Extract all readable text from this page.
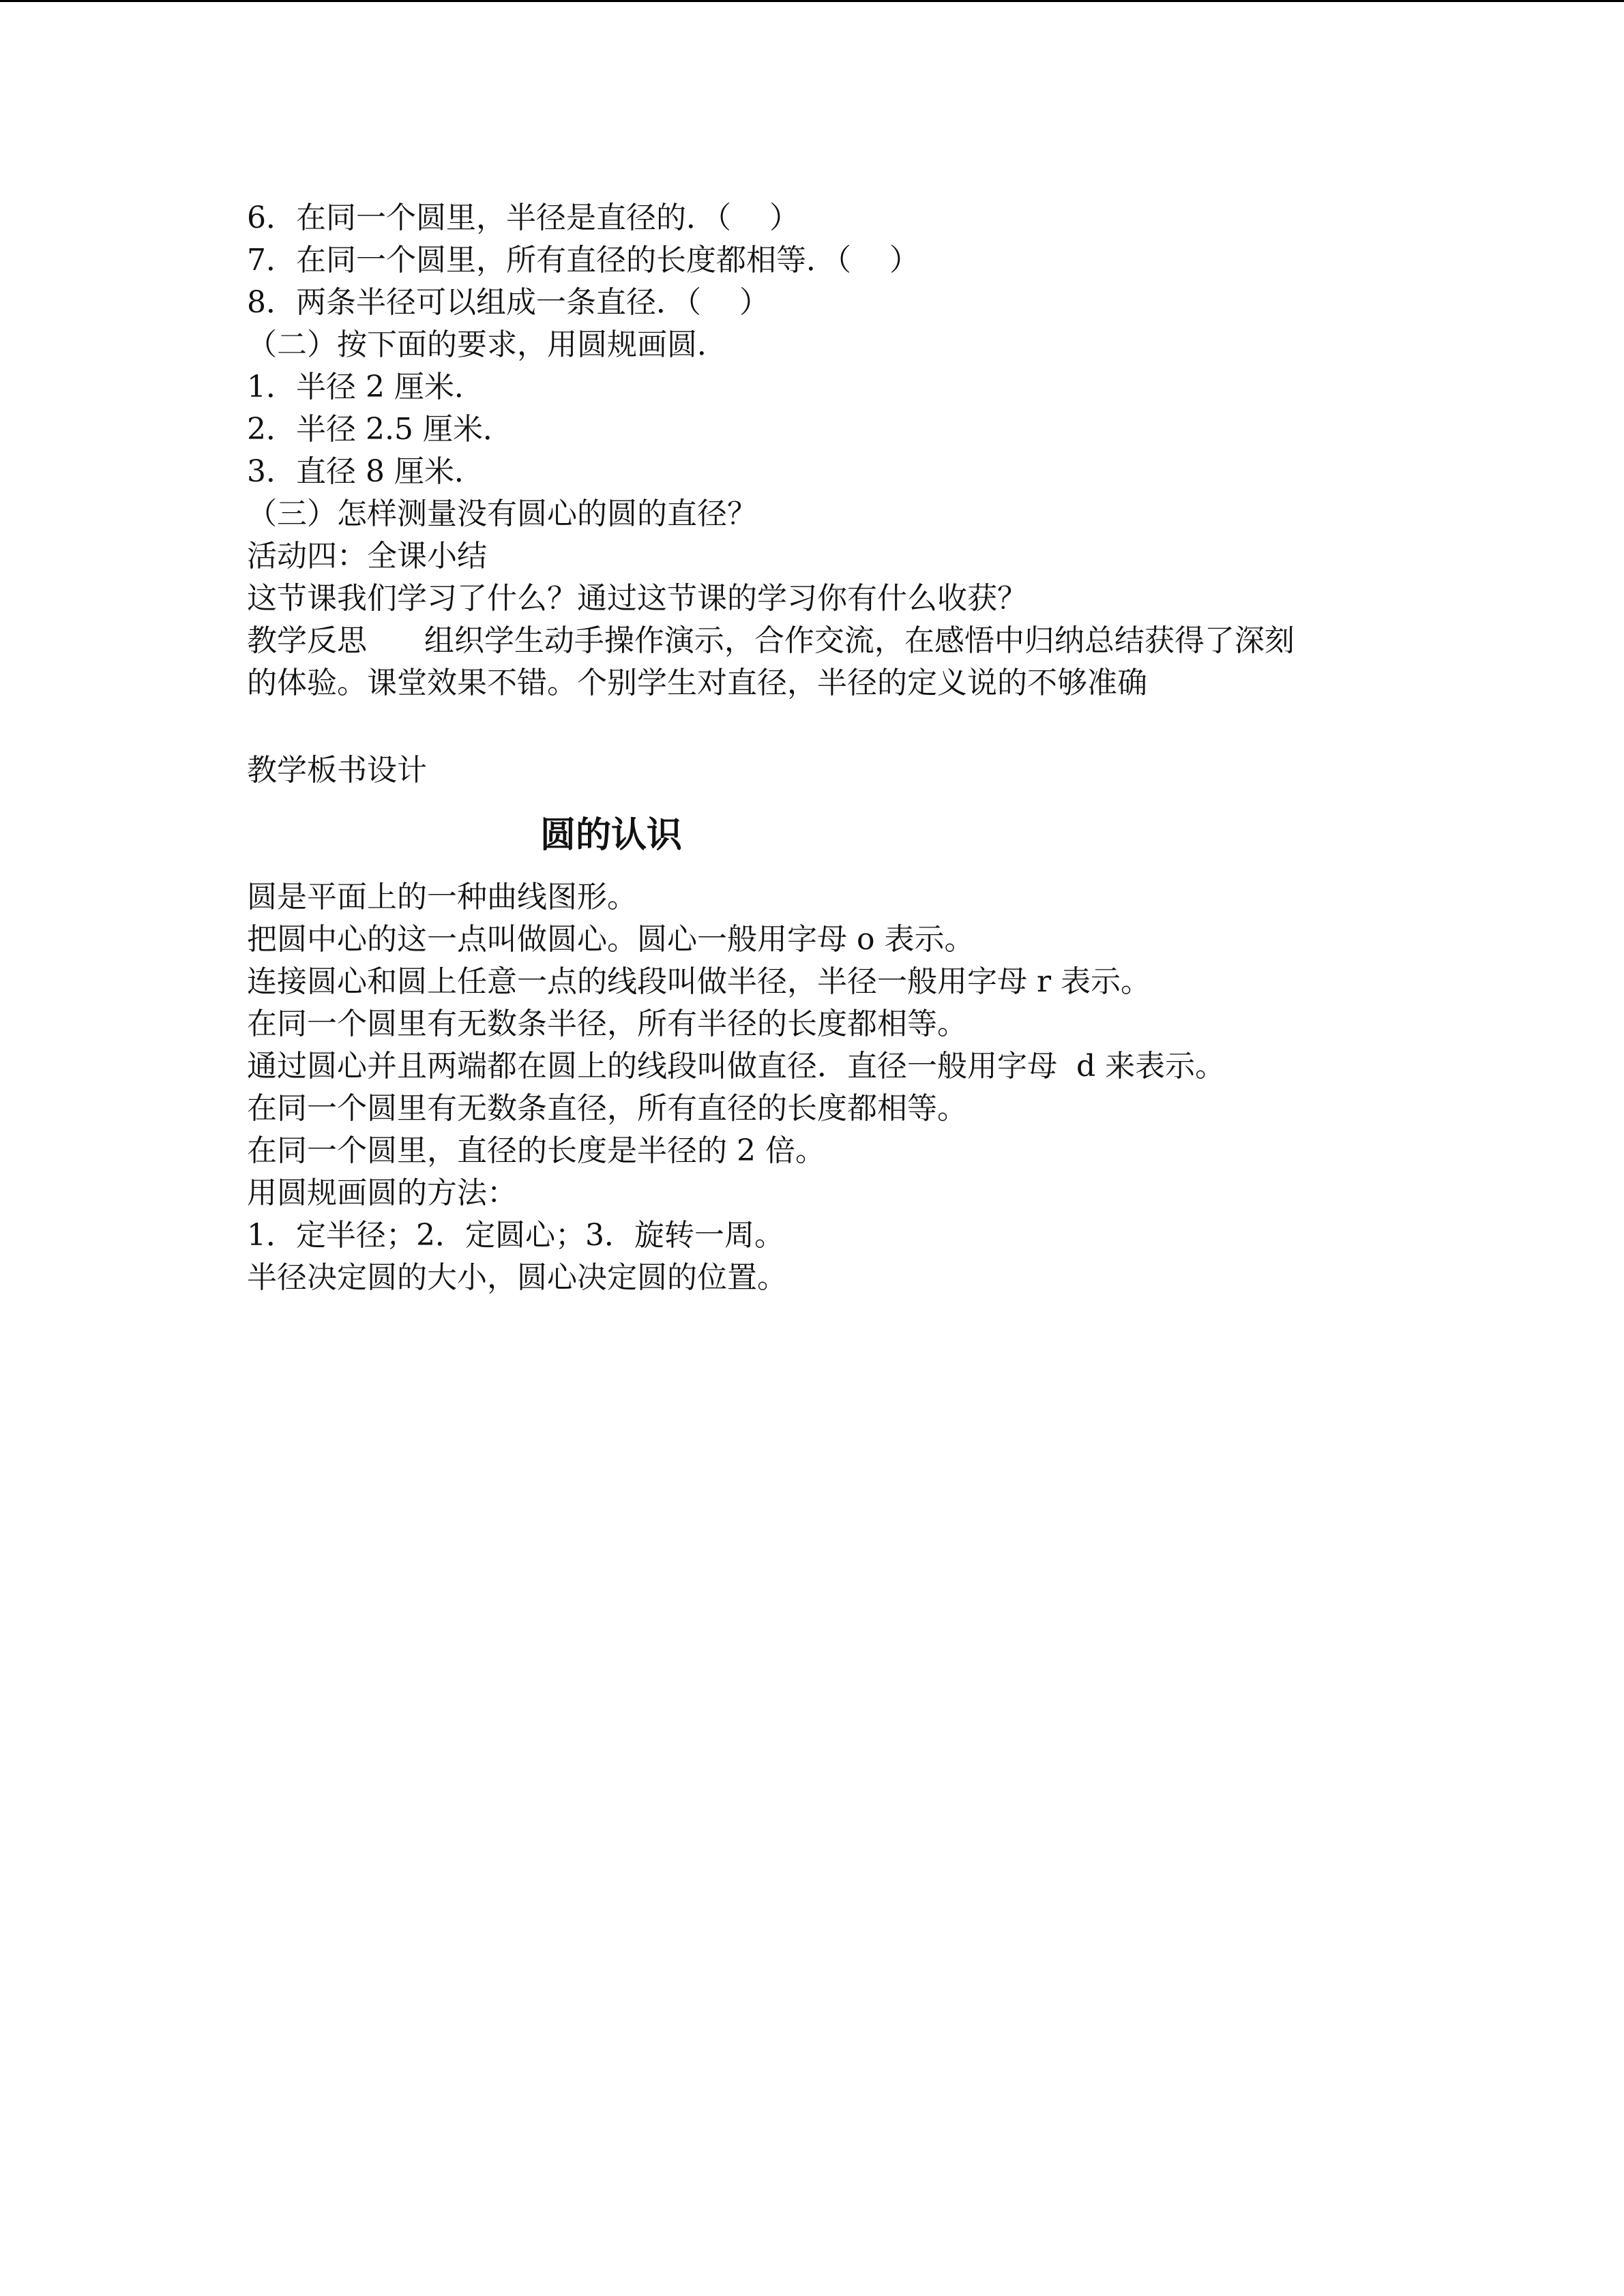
6．在同一个圆里，半径是直径的．（    ）
7．在同一个圆里，所有直径的长度都相等．（    ）
8．两条半径可以组成一条直径．（    ）
（二）按下面的要求，用圆规画圆．
1．半径 2 厘米．
2．半径 2.5 厘米．
3．直径 8 厘米．
（三）怎样测量没有圆心的圆的直径？
活动四：全课小结
这节课我们学习了什么？通过这节课的学习你有什么收获？
教学反思      组织学生动手操作演示，合作交流，在感悟中归纳总结获得了深刻
的体验。课堂效果不错。个别学生对直径，半径的定义说的不够准确
教学板书设计
圆的认识
圆是平面上的一种曲线图形。
把圆中心的这一点叫做圆心。圆心一般用字母 o 表示。
连接圆心和圆上任意一点的线段叫做半径，半径一般用字母 r 表示。
在同一个圆里有无数条半径，所有半径的长度都相等。
通过圆心并且两端都在圆上的线段叫做直径．直径一般用字母  d 来表示。
在同一个圆里有无数条直径，所有直径的长度都相等。
在同一个圆里，直径的长度是半径的 2 倍。
用圆规画圆的方法：
1．定半径；2．定圆心；3．旋转一周。
半径决定圆的大小，圆心决定圆的位置。
